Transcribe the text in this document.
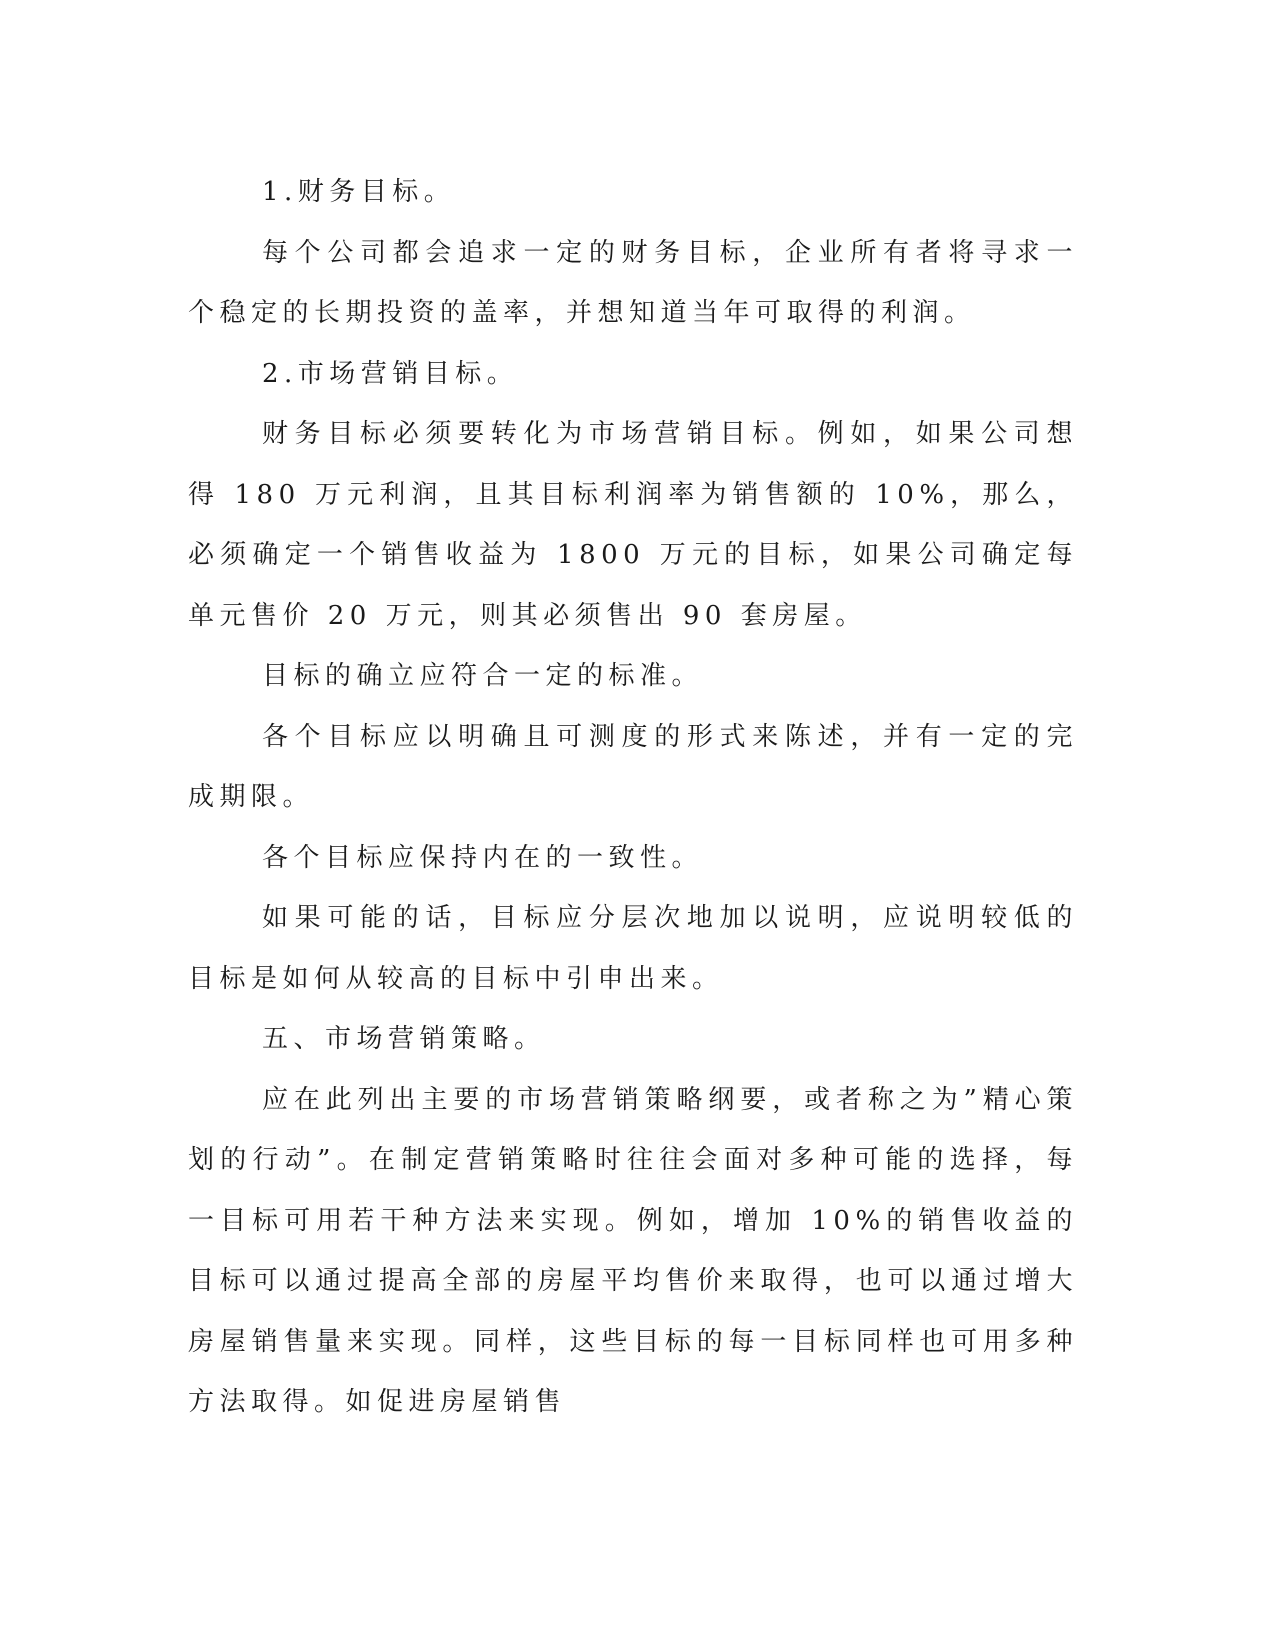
1.财务目标。

每个公司都会追求一定的财务目标，企业所有者将寻求一个稳定的长期投资的盖率，并想知道当年可取得的利润。

2.市场营销目标。

财务目标必须要转化为市场营销目标。例如，如果公司想得 180 万元利润，且其目标利润率为销售额的 10%，那么，必须确定一个销售收益为 1800 万元的目标，如果公司确定每单元售价 20 万元，则其必须售出 90 套房屋。

目标的确立应符合一定的标准。

各个目标应以明确且可测度的形式来陈述，并有一定的完成期限。

各个目标应保持内在的一致性。

如果可能的话，目标应分层次地加以说明，应说明较低的目标是如何从较高的目标中引申出来。

五、市场营销策略。

应在此列出主要的市场营销策略纲要，或者称之为”精心策划的行动”。在制定营销策略时往往会面对多种可能的选择，每一目标可用若干种方法来实现。例如，增加 10%的销售收益的目标可以通过提高全部的房屋平均售价来取得，也可以通过增大房屋销售量来实现。同样，这些目标的每一目标同样也可用多种方法取得。如促进房屋销售
